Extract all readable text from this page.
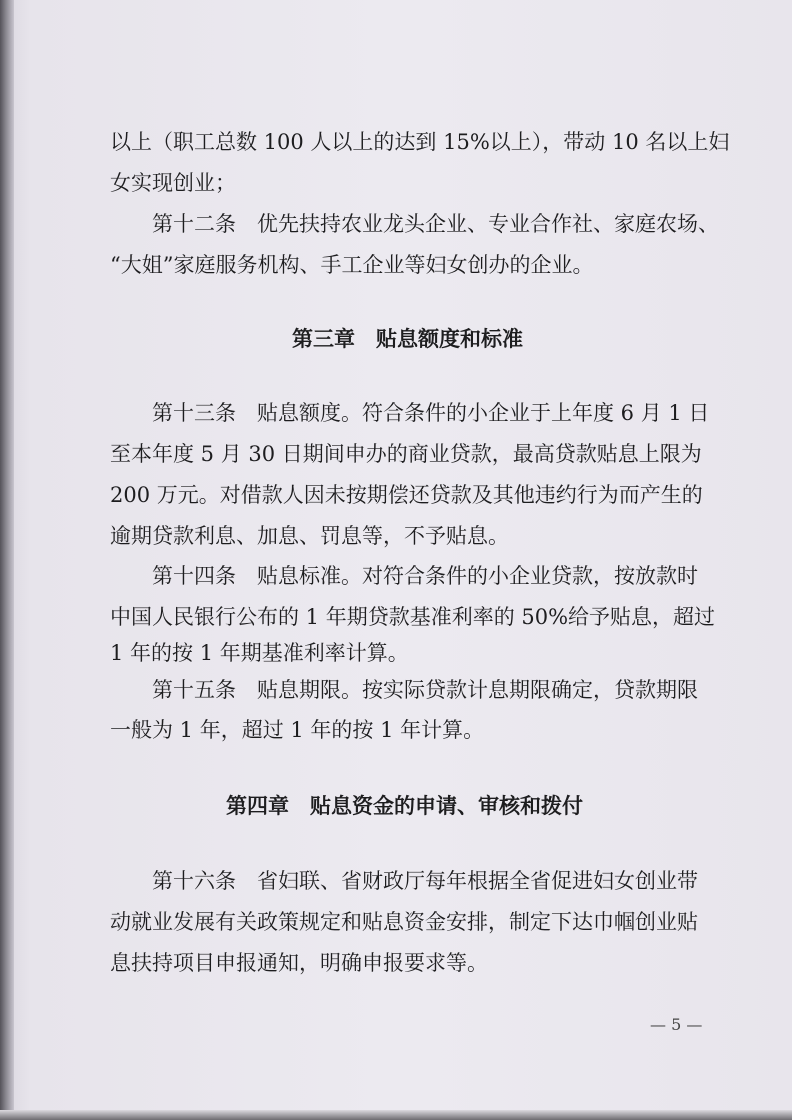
以上（职工总数 100 人以上的达到 15%以上），带动 10 名以上妇
女实现创业；
第十二条　优先扶持农业龙头企业、专业合作社、家庭农场、
“大姐”家庭服务机构、手工企业等妇女创办的企业。
第三章　贴息额度和标准
第十三条　贴息额度。符合条件的小企业于上年度 6 月 1 日
至本年度 5 月 30 日期间申办的商业贷款，最高贷款贴息上限为
200 万元。对借款人因未按期偿还贷款及其他违约行为而产生的
逾期贷款利息、加息、罚息等，不予贴息。
第十四条　贴息标准。对符合条件的小企业贷款，按放款时
中国人民银行公布的 1 年期贷款基准利率的 50%给予贴息，超过
1 年的按 1 年期基准利率计算。
第十五条　贴息期限。按实际贷款计息期限确定，贷款期限
一般为 1 年，超过 1 年的按 1 年计算。
第四章　贴息资金的申请、审核和拨付
第十六条　省妇联、省财政厅每年根据全省促进妇女创业带
动就业发展有关政策规定和贴息资金安排，制定下达巾帼创业贴
息扶持项目申报通知，明确申报要求等。
— 5 —
